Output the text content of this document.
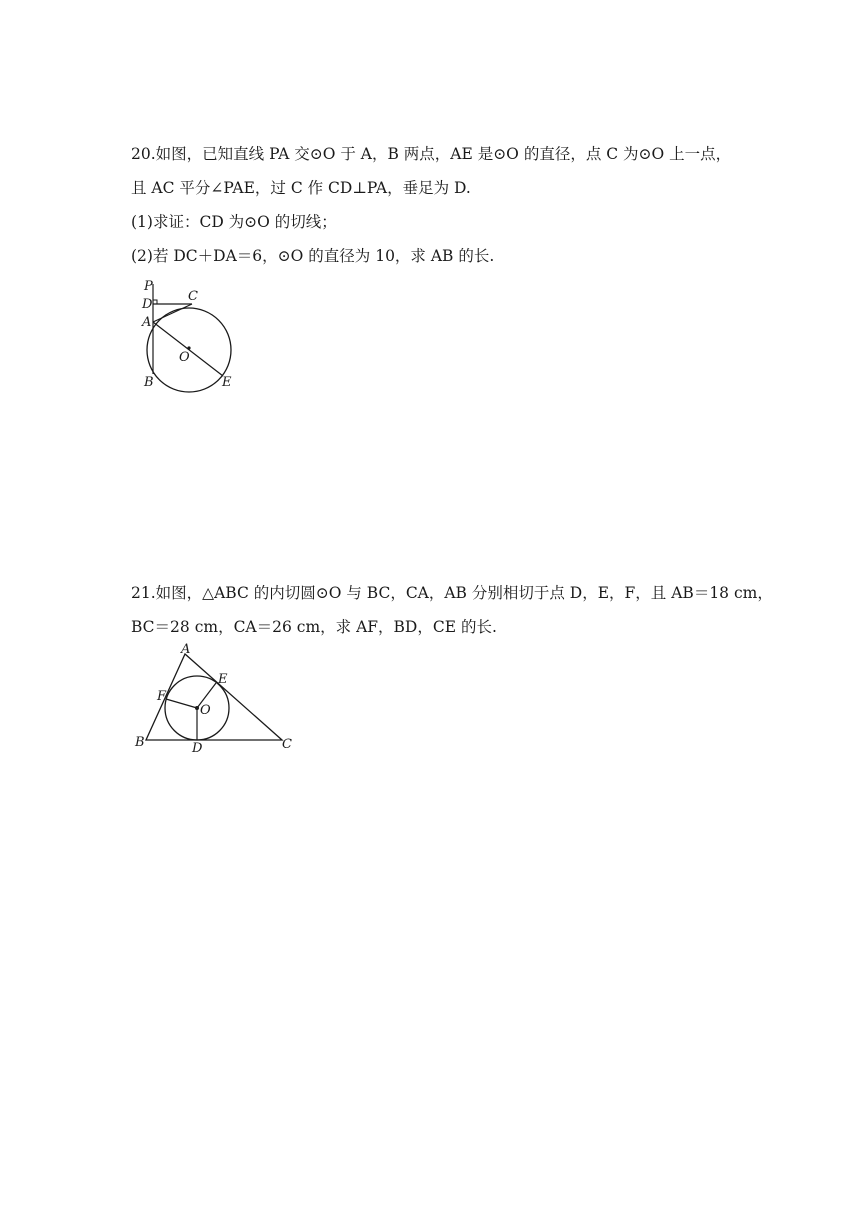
20.如图，已知直线 PA 交⊙O 于 A，B 两点，AE 是⊙O 的直径，点 C 为⊙O 上一点，
且 AC 平分∠PAE，过 C 作 CD⊥PA，垂足为 D.
(1)求证：CD 为⊙O 的切线；
(2)若 DC＋DA＝6，⊙O 的直径为 10，求 AB 的长.
P
D
C
A
O
B	E
21.如图，△ABC 的内切圆⊙O 与 BC，CA，AB 分别相切于点 D，E，F，且 AB＝18 cm，
BC＝28 cm，CA＝26 cm，求 AF，BD，CE 的长.
A
B	C
D
E
F
O
